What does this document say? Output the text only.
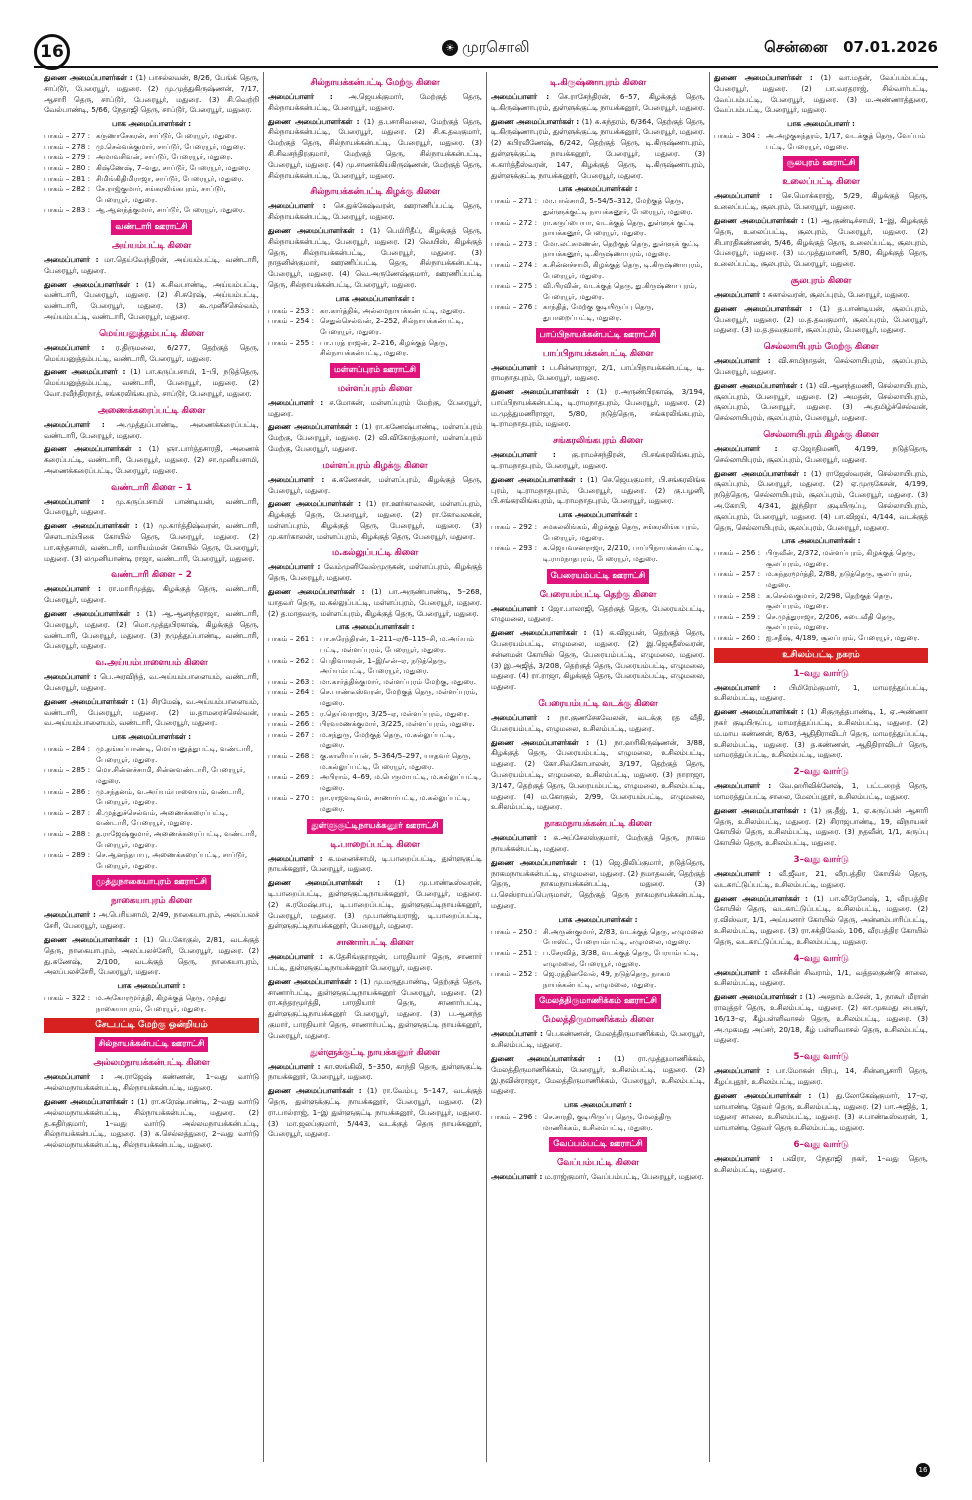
16	☀ முரசொலி	சென்னை 07.01.2026
துணை அமைப்பாளர்கள் : (1) பாசல்லவன், 8/26, பேங்க் தெரு, சாப்டூர், பேரையூர், மதுரை. (2) மு.முத்துகிருஷ்ணன், 7/17, ஆசாரி தெரு, சாப்டூர், பேரையூர், மதுரை. (3) சி.வெற்றி வேல்பாண்டி, 5/66, நேதாஜி தெரு, சாப்டூர், பேரையூர், மதுரை.
பாக அமைப்பாளர்கள் :
பாகம் – 277 : கருணாசேகரன், சாப்டூர், பேரையூர், மதுரை.
பாகம் – 278 : மு.செல்வக்குமார், சாப்டூர், பேரையூர், மதுரை.
பாகம் – 279 : அமாவசிவன், சாப்டூர், பேரையூர், மதுரை.
பாகம் – 280 : கிஷ்ணேஷ், 7–வது, சாப்டூர், பேரையூர், மதுரை.
பாகம் – 281 : சிமிங்கிதிமிராஜா, சாப்டூர், பேரையூர், மதுரை.
பாகம் – 282 : சே.ராஜ்குமார், சங்கரலிங்கபுரம், சாப்டூர், பேரையூர், மதுரை.
பாகம் – 283 : ஆ.ஆனந்த்குமார், சாப்டூர், பேரையூர், மதுரை.
வண்டாரி ஊராட்சி
அய்யம்பட்டி கிளை
அமைப்பாளர் : மா.தெய்வேந்திரன், அய்யம்பட்டி, வண்டாரி, பேரையூர், மதுரை.
துணை அமைப்பாளர்கள் : (1) க.சிவபாண்டி, அய்யம்பட்டி, வண்டாரி, பேரையூர், மதுரை. (2) சி.சுரேஷ், அய்யம்பட்டி, வண்டாரி, பேரையூர், மதுரை. (3) கூ.முனீச்செல்வம், அய்யம்பட்டி, வண்டாரி, பேரையூர், மதுரை.
மெய்யனுத்தம்பட்டி கிளை
அமைப்பாளர் : ர.திருமலை, 6/277, தெற்குத் தெரு, மெய்யனுத்தம்பட்டி, வண்டாரி, பேரையூர், மதுரை.
துணை அமைப்பாளர் : (1) பா.கருப்பசாமி, 1–பி, நடுத்தெரு, மெய்யனுத்தம்பட்டி, வண்டாரி, பேரையூர், மதுரை. (2) வோ.ரவீந்திரநாத், சங்கரலிங்கபுரம், சாப்டூர், பேரையூர், மதுரை.
அணைக்கரைப்பட்டி கிளை
அமைப்பாளர் : அ.முத்துப்பாண்டி, அணைக்கரைப்பட்டி, வண்டாரி, பேரையூர், மதுரை.
துணை அமைப்பாளர்கள் : (1) ஞா.பார்த்தசாரதி, அணைக் கரைப்பட்டி, வண்டாரி, பேரையூர், மதுரை. (2) சா.முனியசாமி, அணைக்கரைப்பட்டி, பேரையூர், மதுரை.
வண்டாரி கிளை – 1
அமைப்பாளர் : மு.கருப்பசாமி பாண்டியன், வண்டாரி, பேரையூர், மதுரை.
துணை அமைப்பாளர்கள் : (1) மு.கார்த்திஷ்வரன், வண்டாரி, சௌடாம்பிகை கோயில் தெரு, பேரையூர், மதுரை. (2) பா.கந்தசாமி, வண்டாரி, மாரியம்மன் கோயில் தெரு, பேரையூர், மதுரை. (3) லமுனியாண்டி ராஜா, வண்டாரி, பேரையூர், மதுரை.
வண்டாரி கிளை – 2
அமைப்பாளர் : ரா.மாரிமுத்து, கிழக்குத் தெரு, வண்டாரி, பேரையூர், மதுரை.
துணை அமைப்பாளர்கள் : (1) ஆ.ஆனந்தராஜா, வண்டாரி, பேரையூர், மதுரை. (2) மொ.முத்துபிரகாஷ், கிழக்குத் தெரு, வண்டாரி, பேரையூர், மதுரை. (3) நமுத்துப்பாண்டி, வண்டாரி, பேரையூர், மதுரை.
வ.அய்யம்பாளையம் கிளை
அமைப்பாளர் : பெ.அரவிந்த், வ.அய்யம்பாளையம், வண்டாரி, பேரையூர், மதுரை.
துணை அமைப்பாளர்கள் : (1) சிரமேஷ், வ.அய்யம்பாளையம், வண்டாரி, பேரையூர், மதுரை. (2) ம.தாமரைச்செல்வன், வ.அய்யம்பாளையம், வண்டாரி, பேரையூர், மதுரை.
பாக அமைப்பாளர்கள் :
பாகம் – 284 : மு.தங்கப்பாண்டி, மெய்யனுத்துபட்டி, வண்டாரி, பேரையூர், மதுரை.
பாகம் – 285 : மொ.சின்னச்சாமி, சின்னவண்டாரி, பேரையூர், மதுரை.
பாகம் – 286 : மு.சந்தனம், வ.அய்யம்பாளையம், வண்டாரி, பேரையூர், மதுரை.
பாகம் – 287 : கி.முத்துச்செல்வம், அணைக்கரைப்பட்டி, வண்டாரி, பேரையூர், மதுரை.
பாகம் – 288 : த.ராஜேஷ்குமார், அணைக்கரைப்பட்டி, வண்டாரி, பேரையூர், மதுரை.
பாகம் – 289 : செ.ஆனந்தபாபு, அணைக்கரைப்பட்டி, சாப்டூர், பேரையூர், மதுரை.
முத்துநாகையாபுரம் ஊராட்சி
நாகையாபுரம் கிளை
அமைப்பாளர் : அ.பெரியசாமி, 2/49, நாகையாபுரம், அலப்பலச் சேரி, பேரையூர், மதுரை.
துணை அமைப்பாளர்கள் : (1) பெ.கோகுல், 2/81, வடக்குத் தெரு, நாகையாபுரம், அலப்பலச்சேரி, பேரையூர், மதுரை. (2) து.கணேஷ், 2/100, வடக்குத் தெரு, நாகையாபுரம், அலப்பலச்சேரி, பேரையூர், மதுரை.
பாக அமைப்பாளர் :
பாகம் – 322 : ம.அகோரமூர்த்தி, கிழக்குத் தெரு, முத்து நாகையாபுரம், பேரையூர், மதுரை.
சேடபட்டி மேற்கு ஒன்றியம்
சில்நாயக்கன்பட்டி ஊராட்சி
அல்லமநாயக்கன்பட்டி கிளை
அமைப்பாளர் : அ.ராஜேஷ் கண்ணன், 1–வது வார்டு அல்லமநாயக்கன்பட்டி, சில்நாயக்கன்பட்டி, மதுரை.
துணை அமைப்பாளர்கள் : (1) ரா.சுரேஷ்பாண்டி, 2–வது வார்டு அல்லமநாயக்கன்பட்டி, சில்நாயக்கன்பட்டி, மதுரை. (2) த.கதிர்குமார், 1–வது வார்டு அல்லமநாயக்கன்பட்டி, சில்நாயக்கன்பட்டி, மதுரை. (3) க.செல்லத்துரை, 2–வது வார்டு அல்லமநாயக்கன்பட்டி, சில்நாயக்கன்பட்டி, மதுரை.
சில்நாயக்கன்பட்டி மேற்கு கிளை
அமைப்பாளர் : அ.ஜெயக்குமார், மேற்குத் தெரு, சில்நாயக்கன்பட்டி, பேரையூர், மதுரை.
துணை அமைப்பாளர்கள் : (1) த.பசாசிவலை, மேற்குத் தெரு, சில்நாயக்கன்பட்டி, பேரையூர், மதுரை. (2) சி.க.தவகுமார், மேற்குத் தெரு, சில்நாயக்கன்பட்டி, பேரையூர், மதுரை. (3) சி.சிவசந்திரகுமார், மேற்குத் தெரு, சில்நாயக்கன்பட்டி, பேரையூர், மதுரை. (4) மு.சாணக்கியகிருஷ்ணன், மேற்குத் தெரு, சில்நாயக்கன்பட்டி, பேரையூர், மதுரை.
சில்நாயக்கன்பட்டி கிழக்கு கிளை
அமைப்பாளர் : செ.துக்கேஷ்வரன், ஊராணிப்பட்டி தெரு, சில்நாயக்கன்பட்டி, பேரையூர், மதுரை.
துணை அமைப்பாளர்கள் : (1) பெமிரிதீப், கிழக்குத் தெரு, சில்நாயக்கன்பட்டி, பேரையூர், மதுரை. (2) வெயிஸ், கிழக்குத் தெரு, சில்நாயக்கன்பட்டி, பேரையூர், மதுரை. (3) நாதனின்குமார், ஊரணிப்பட்டி தெரு, சில்நாயக்கன்பட்டி, பேரையூர், மதுரை. (4) வெ.அருணேஷ்குமார், ஊரணிப்பட்டி தெரு, சில்நாயக்கன்பட்டி, பேரையூர், மதுரை.
பாக அமைப்பாளர்கள் :
பாகம் – 253 : கா.கார்த்திக், அல்லமநாயக்கன்பட்டி, மதுரை.
பாகம் – 254 : செதுல்செல்வன், 2–252, சில்நாயக்கன்பட்டி, பேரையூர், மதுரை.
பாகம் – 255 : பா.பரத் ராஜன், 2–216, கிழக்குத் தெரு, சில்நாயக்கன்பட்டி, மதுரை.
மள்ளப்புரம் ஊராட்சி
மள்ளப்புரம் கிளை
அமைப்பாளர் : ச.மோகன், மள்ளப்புரம் மேற்கு, பேரையூர், மதுரை.
துணை அமைப்பாளர்கள் : (1) ரா.கணேஷ்பாண்டி, மள்ளப்புரம் மேற்கு, பேரையூர், மதுரை. (2) வி.விகோத்குமார், மள்ளப்புரம் மேற்கு, பேரையூர், மதுரை.
மள்ளப்புரம் கிழக்கு கிளை
அமைப்பாளர் : க.கணேசன், மள்ளப்புரம், கிழக்குத் தெரு, பேரையூர், மதுரை.
துணை அமைப்பாளர்கள் : (1) ரா.ஊர்காவலன், மள்ளப்புரம், கிழக்குத் தெரு, பேரையூர், மதுரை. (2) ரா.கோவலகன், மள்ளப்புரம், கிழக்குத் தெரு, பேரையூர், மதுரை. (3) மு.கார்காலன், மள்ளப்புரம், கிழக்குத் தெரு, பேரையூர், மதுரை.
ம.கல்லுப்பட்டி கிளை
அமைப்பாளர் : வேம்முனிவேல்முருகன், மள்ளப்புரம், கிழக்குத் தெரு, பேரையூர், மதுரை.
துணை அமைப்பாளர்கள் : (1) பா.அருண்பாண்டி, 5–268, யாதவர் தெரு, ம.கல்லுப்பட்டி, மள்ளப்புரம், பேரையூர், மதுரை. (2) த.மாதவரு, மள்ளப்புரம், கிழக்குத் தெரு, பேரையூர், மதுரை.
பாக அமைப்பாளர்கள் :
பாகம் – 261 : பா.சுரேந்திரன், 1–211–ஏ/6–115–சி, ம.அய்யம் பட்டி, மள்ளப்புரம், பேரையூர், மதுரை.
பாகம் – 262 : பெதிவாகரன், 1–இ/என்–ஏ, நடுத்தெரு, அய்யம்பட்டி, பேரையூர், மதுரை.
பாகம் – 263 : மா.கார்த்திக்குமார், மள்ளப்புரம் மேற்கு, மதுரை.
பாகம் – 264 : செ.பாண்டீஸ்வரன், மேற்குத் தெரு, மள்ளப்புரம், மதுரை.
பாகம் – 265 : ர.தெய்வராஜா, 3/25–ஏ, மள்ளப்புரம், மதுரை.
பாகம் – 266 : பிரவமணக்குமார், 3/225, மள்ளப்புரம், மதுரை.
பாகம் – 267 : ம.சந்துரு, மேற்குத் தெரு, ம.கல்லுப்பட்டி, மதுரை.
பாகம் – 268 : கு.காளியப்பன், 5–364/5–297, யாதவர் தெரு, ம.கல்லுப்பட்டி, பேரையூர், மதுரை.
பாகம் – 269 : அபிராம், 4–69, ம.பெருமாபட்டி, ம.கல்லுப்பட்டி, மதுரை.
பாகம் – 270 : நா.ராஜவடிவம், சாணார்பட்டி, ம.கல்லுப்பட்டி, மதுரை.
துள்ளுகுட்டிநாயக்கனூர் ஊராட்சி
டி.பாறைப்பட்டி கிளை
அமைப்பாளர் : க.மனைச்சாமி, டி.பாறைப்பட்டி, துள்ளுகுட்டி நாயக்கனூர், பேரையூர், மதுரை.
துணை அமைப்பாளர்கள் : (1) மு.பாண்டீஸ்வரன், டி.பாறைப்பட்டி, துள்ளுகுட்டிநாயக்கனூர், பேரையூர், மதுரை. (2) சு.ரமேஷ்பாபு, டி.பாறைப்பட்டி, துள்ளுகுட்டிநாயக்கனூர், பேரையூர், மதுரை. (3) மு.பாண்டியராஜ், டி.பாறைப்பட்டி, துள்ளுகுட்டிநாயக்கனூர், பேரையூர், மதுரை.
சாணார்பட்டி கிளை
அமைப்பாளர் : சு.தேசிங்குராஜன், பாரதியார் தெரு, சாணார் பட்டி, துள்ளுகுட்டிநாயக்கனூர் பேரையூர், மதுரை.
துணை அமைப்பாளர்கள் : (1) மு.மருதுபாண்டி, தெற்குத் தெரு, சாணார்பட்டி, துள்ளுகுட்டிநாயக்கனூர் பேரையூர், மதுரை. (2) ரா.சுந்தரமூர்த்தி, பாரதியார் தெரு, சாணார்பட்டி, துள்ளுகுட்டிநாயக்கனூர் பேரையூர், மதுரை. (3) ப.ஆனந்த குமார், பாரதியார் தெரு, சாணார்பட்டி, துள்ளுகுட்டி நாயக்கனூர், பேரையூர், மதுரை.
துள்ளுக்குட்டி நாயக்கனூர் கிளை
அமைப்பாளர் : கா.ஸங்கிலி, 5–350, காந்தி தெரு, துள்ளுகுட்டி நாயக்கனூர், பேரையூர், மதுரை.
துணை அமைப்பாளர்கள் : (1) ரா.வேம்பு, 5–147, வடக்குத் தெரு, துள்ளுக்குட்டி நாயக்கனூர், பேரையூர், மதுரை. (2) ரா.பால்ராஜ், 1–இ துள்ளுகுட்டி நாயக்கனூர், பேரையூர், மதுரை. (3) மா.ஜலப்குமார், 5/443, வடக்குத் தெரு நாயக்கனூர், பேரையூர், மதுரை.
டி.கிருஷ்ணாபுரம் கிளை
அமைப்பாளர் : செ.ராசேந்திரன், 6–57, கிழக்குத் தெரு, டி.கிருஷ்ணாபுரம், துள்ளுக்குட்டி நாயக்கனூர், பேரையூர், மதுரை.
துணை அமைப்பாளர்கள் : (1) சு.கந்தரம், 6/364, தெற்குத் தெரு, டி.கிருஷ்ணாபுரம், துள்ளுக்குட்டி நாயக்கனூர், பேரையூர், மதுரை. (2) கபிரவீணேஷ், 6/242, தெற்குத் தெரு, டி.கிருஷ்ணாபுரம், துள்ளுக்குட்டி நாயக்கனூர், பேரையூர், மதுரை. (3) சு.கார்த்தீஸ்வரன், 147, கிழக்குத் தெரு, டி.கிருஷ்ணாபுரம், துள்ளுக்குட்டி நாயக்கனூர், பேரையூர், மதுரை.
பாக அமைப்பாளர்கள் :
பாகம் – 271 : மா.பால்சாமி, 5–54/5–312, மேற்குத் தெரு, துள்ளுக்குட்டி நாயக்கனூர், பேரையூர், மதுரை.
பாகம் – 272 : ரா.கருப்பையா, வடக்குத் தெரு, துள்ளுக் குட்டி நாயக்கனூர், பேரையூர், மதுரை.
பாகம் – 273 : மோ.லட்சுமணன், தெற்குத் தெரு, துள்ளுக் குட்டி நாயக்கனூர், டி.கிருஷ்ணாபுரம், மதுரை.
பாகம் – 274 : க.சின்னச்சாமி, கிழக்குத் தெரு, டி.கிருஷ்ணாபுரம், பேரையூர், மதுரை.
பாகம் – 275 : வி.பிரவின், வடக்குத் தெரு, து.கிருஷ்ணா புரம், பேரையூர், மதுரை.
பாகம் – 276 : காந்தித், மேற்கு குடியிருப்பு தெரு, துபாறைப்பட்டி, மதுரை.
பாப்பிநாயக்கன்பட்டி ஊராட்சி
பாப்பிநாயக்கன்பட்டி கிளை
அமைப்பாளர் : ப.சின்னராஜா, 2/1, பாப்பிநாயக்கன்பட்டி, டி. ராமநாதபுரம், பேரையூர், மதுரை.
துணை அமைப்பாளர்கள் : (1) ர.அருண்பிரகாஷ், 3/194, பாப்பிநாயக்கன்பட்டி, டி.ராமநாதபுரம், பேரையூர், மதுரை. (2) ம.முத்துமணிராஜா, 5/80, நடுத்தெரு, சங்கரலிங்கபுரம், டி.ராமநாதபுரம், மதுரை.
சங்கரலிங்கபுரம் கிளை
அமைப்பாளர் : கு.ராமச்சந்திரன், பி.சங்கரலிங்கபுரம், டி.ராமநாதபுரம், பேரையூர், மதுரை.
துணை அமைப்பாளர்கள் : (1) செ.ஜெயகுமார், பி.சங்கரலிங்க புரம், டி.ராமநாதபுரம், பேரையூர், மதுரை. (2) கு.பழனி, பி.சங்கரலிங்கபுரம், டி.ராமநாதபுரம், பேரையூர், மதுரை.
பாக அமைப்பாளர்கள் :
பாகம் – 292 : சமகலலிங்கம், கிழக்குத் தெரு, சங்கரலிங்க புரம், பேரையூர், மதுரை.
பாகம் – 293 : க.ஜெயவசனராஜா, 2/210, பாப்பிநாயக்கன்பட்டி, டி.ராமநாதபுரம், பேரையூர், மதுரை.
பேரையம்பட்டி ஊராட்சி
பேரையம்பட்டி தெற்கு கிளை
அமைப்பாளர் : ஜோ.பாலாஜி, தெற்குத் தெரு, பேரையம்பட்டி, எழுமலை, மதுரை.
துணை அமைப்பாளர்கள் : (1) க.விஜயன், தெற்குத் தெரு, பேரையம்பட்டி, எழுமலை, மதுரை. (2) இ.ஜெகதீஸ்வரன், சன்னமன் கோயில் தெரு, பேரையம்பட்டி, எழுமலை, மதுரை. (3) இ.அஜித், 3/208, தெற்குத் தெரு, பேரையம்பட்டி, எழுமலை, மதுரை. (4) ரா.ராஜா, கிழக்குத் தெரு, பேரையம்பட்டி, எழுமலை, மதுரை.
பேரையம்பட்டி வடக்கு கிளை
அமைப்பாளர் : நா.குணசேகவேலன், வடக்கு ரத வீதி, பேரையம்பட்டி, எழுமலை, உசிலம்பட்டி, மதுரை.
துணை அமைப்பாளர்கள் : (1) நா.ஹரிகிருஷ்ணன், 3/88, கிழக்குத் தெரு, பேரையம்பட்டி, எழுமலை, உசிலம்பட்டி, மதுரை. (2) கோ.சிவகோபாலன், 3/197, தெற்குத் தெரு, பேரையம்பட்டி, எழுமலை, உசிலம்பட்டி, மதுரை. (3) நாராஜா, 3/147, தெற்குத் தெரு, பேரையம்பட்டி, எழுமலை, உசிலம்பட்டி, மதுரை. (4) ம.கோகுல், 2/99, பேரையம்பட்டி, எழுமலை, உசிலம்பட்டி, மதுரை.
நாகமநாயக்கன்பட்டி கிளை
அமைப்பாளர் : சு.அப்சேலஸ்குமார், மேற்குத் தெரு, நாகம நாயக்கன்பட்டி, மதுரை.
துணை அமைப்பாளர்கள் : (1) ஜெ.திலிப்குமார், நடுத்தெரு, நாகமநாயக்கன்பட்டி, எழுமலை, மதுரை. (2) நமாதவன், தெற்குத் தெரு, நாகமநாயக்கன்பட்டி, மதுரை. (3) ப.செஸ்ராயப்பெருமாள், தெற்குத் தெரு நாகமநாயக்கன்பட்டி, மதுரை.
பாக அமைப்பாளர்கள் :
பாகம் – 250 : சி.அருண்குமார், 2/83, வடக்குத் தெரு, எழுமலை போஸ்ட், பேரையம்பட்டி, எழுமலை, மதுரை.
பாகம் – 251 : ப.சேரவித், 3/38, வடக்குத் தெரு, பேரயம்பட்டி, எழுமலை, பேரையூர், மதுரை.
பாகம் – 252 : ஜெ.ரத்தினவேல், 49, நடுத்தெரு, நாகம நாயக்கன்பட்டி, எழுமலை, மதுரை.
மேலத்திருமாணிக்கம் ஊராட்சி
மேலத்திருமாணிக்கம் கிளை
அமைப்பாளர் : பெ.கண்ணன், மேலத்திருமாணிக்கம், பேரையூர், உசிலம்பட்டி, மதுரை.
துணை அமைப்பாளர்கள் : (1) ரா.முத்துமாணிக்கம், மேலத்திருமாணிக்கம், பேரையூர், உசிலம்பட்டி, மதுரை. (2) இ.நவின்ராஜா, மேலத்திருமாணிக்கம், பேரையூர், உசிலம்பட்டி, மதுரை.
பாக அமைப்பாளர் :
பாகம் – 296 : செ.சாரதி, குடியிருப்பு தெரு, மேலத்திரு மாணிக்கம், உசிலம்பட்டி, மதுரை.
வேப்பம்பட்டி ஊராட்சி
வேப்பம்பட்டி கிளை
அமைப்பாளர் : ம.ராஜ்குமார், வேப்பம்பட்டி, பேரையூர், மதுரை.
துணை அமைப்பாளர்கள் : (1) வா.மதன், வேப்பம்பட்டி, பேரையூர், மதுரை. (2) பா.வரதராஜ், சில்வார்பட்டி, வேப்பம்பட்டி, பேரையூர், மதுரை. (3) ம.அண்ணாத்துரை, வேப்பம்பட்டி, பேரையூர், மதுரை.
பாக அமைப்பாளர் :
பாகம் – 304 : அ.அழகுசுந்தரம், 1/17, வடக்குத் தெரு, வேப்பம் பட்டி, பேரையூர், மதுரை.
சூலபுரம் ஊராட்சி
உலைப்பட்டி கிளை
அமைப்பாளர் : செ.மொக்கராஜ், 5/29, கிழக்குத் தெரு, உலைப்பட்டி, சூலபுரம், பேரையூர், மதுரை.
துணை அமைப்பாளர்கள் : (1) ஆ.குண்டிச்சாமி, 1–இ, கிழக்குத் தெரு, உலைப்பட்டி, சூலபுரம், பேரையூர், மதுரை. (2) சிபாரதிகண்ணன், 5/46, கிழக்குத் தெரு, உலைப்பட்டி, சூலபுரம், பேரையூர், மதுரை. (3) ம.முத்துமாணி, 5/80, கிழக்குத் தெரு, உலைப்பட்டி, சூலபுரம், பேரையூர், மதுரை.
சூலபுரம் கிளை
அமைப்பாளர் : சுகால்வரன், சூலப்புரம், பேரையூர், மதுரை.
துணை அமைப்பாளர்கள் : (1) த.பாண்டியன், சூலப்புரம், பேரையூர், மதுரை. (2) ம.த.தவகுமார், சூலப்புரம், பேரையூர், மதுரை. (3) ம.த.தவகுமார், சூலப்புரம், பேரையூர், மதுரை.
செல்லாயிபுரம் மேற்கு கிளை
அமைப்பாளர் : வி.சாமிநாதன், செல்லாயிபுரம், சூலப்புரம், பேரையூர், மதுரை.
துணை அமைப்பாளர்கள் : (1) வி.ஆனந்தமணி, செல்லாயிபுரம், சூலப்புரம், பேரையூர், மதுரை. (2) அமதன், செல்லாயிபுரம், சூலப்புரம், பேரையூர், மதுரை. (3) அ.தமிழ்ச்செல்வன், செல்லாயிபுரம், சூலப்புரம், பேரையூர், மதுரை.
செல்லாயிபுரம் கிழக்கு கிளை
அமைப்பாளர் : ஏ.ஜோதிமணி, 4/199, நடுத்தெரு, செல்லாயிபுரம், சூலப்புரம், பேரையூர், மதுரை.
துணை அமைப்பாளர்கள் : (1) ராஜேஸ்வரன், செல்லாயிபுரம், சூலப்புரம், பேரையூர், மதுரை. (2) ஏ.முருகேசன், 4/199, நடுத்தெரு, செல்லாயிபுரம், சூலப்புரம், பேரையூர், மதுரை. (3) அ.கோபி, 4/341, இந்திரா குடியிருப்பு, செல்லாயிபுரம், சூலப்புரம், பேரையூர், மதுரை. (4) பா.விஜய், 4/144, வடக்குத் தெரு, செல்லாயிபுரம், சூலப்புரம், பேரையூர், மதுரை.
பாக அமைப்பாளர்கள் :
பாகம் – 256 : பிருவீன், 2/372, மள்ளப்புரம், கிழக்குத் தெரு, சூலப்புரம், மதுரை.
பாகம் – 257 : ம.சுந்தரமூர்த்தி, 2/88, நடுத்தெரு, சூலப்புரம், மதுரை.
பாகம் – 258 : க.செல்வகுமார், 2/298, தெற்குத் தெரு, சூலப்புரம், மதுரை.
பாகம் – 259 : செ.முத்துராஜா, 2/206, கடைவீதி தெரு, சூலப்புரம், மதுரை.
பாகம் – 260 : ஐ.சதீஷ், 4/189, சூலப்புரம், பேரையூர், மதுரை.
உசிலம்பட்டி நகரம்
1–வது வார்டு
அமைப்பாளர் : பிமிரேம்குமார், 1, மாமரத்துப்பட்டி, உசிலம்பட்டி, மதுரை.
துணை அமைப்பாளர்கள் : (1) சிகுருத்தபாண்டி, 1, ஏ.அண்ணா நகர் குடியிருப்பு, மாமரத்துப்பட்டி, உசிலம்பட்டி, மதுரை. (2) ம.மாய கண்ணன், 8/63, ஆதிதிராவிடர் தெரு, மாமரத்துப்பட்டி, உசிலம்பட்டி, மதுரை. (3) த.கண்ணன், ஆதிதிராவிடர் தெரு, மாமரத்துப்பட்டி, உசிலம்பட்டி, மதுரை.
2–வது வார்டு
அமைப்பாளர் : வே.ஹரிவிக்னேஷ், 1, பட்டறைத் தெரு, மாமரத்துப்பட்டி சாலை, மேலப்புதூர், உசிலம்பட்டி, மதுரை.
துணை அமைப்பாளர்கள் : (1) கு.தீஜ், 1, ஏ.கருப்பன் ஆசாரி தெரு, உசிலம்பட்டி, மதுரை. (2) சிராஜபாண்டி, 19, விநாயகர் கோயில் தெரு, உசிலம்பட்டி, மதுரை. (3) நதவீன், 1/1, கருப்பு கோயில் தெரு, உசிலம்பட்டி, மதுரை.
3–வது வார்டு
அமைப்பாளர் : வீ.ஜீவா, 21, வீரபத்திர கோயில் தெரு, வடகாட்டுப்பட்டி, உசிலம்பட்டி, மதுரை.
துணை அமைப்பாளர்கள் : (1) பா.வீரேனேஷ், 1, வீரபத்திர கோயில் தெரு, வடகாட்டுப்பட்டி, உசிலம்பட்டி, மதுரை. (2) ர.விஸ்வா, 1/1, அய்யனார் கோயில் தெரு, அன்னம்பாரிப்பட்டி, உசிலம்பட்டி, மதுரை. (3) ரா.சக்திவேல், 106, வீரபத்திர கோயில் தெரு, வடகாட்டுப்பட்டி, உசிலம்பட்டி, மதுரை.
4–வது வார்டு
அமைப்பாளர் : வீசச்சின் சிவராம், 1/1, வத்தலகுண்டு சாலை, உசிலம்பட்டி, மதுரை.
துணை அமைப்பாளர்கள் : (1) அசதாம் உசேன், 1, நாகூர் மீரான் ராவுத்தர் தெரு, உசிலம்பட்டி, மதுரை. (2) கா.முகமது பைசூர், 16/13–ஏ, கீழ்பள்ளிவாசல் தெரு, உசிலம்பட்டி, மதுரை. (3) அ.முகமது அப்சர், 20/18, கீழ் பள்ளிவாசல் தெரு, உசிலம்பட்டி, மதுரை.
5–வது வார்டு
அமைப்பாளர் : பா.மோகன் பிரபு, 14, சின்னபூசாரி தெரு, கீழப்புதூர், உசிலம்பட்டி, மதுரை.
துணை அமைப்பாளர்கள் : (1) து.லோகேஷ்குமார், 17–ஏ, மாயாண்டி தேவர் தெரு, உசிலம்பட்டி, மதுரை. (2) பா.அஜித், 1, மதுரை சாலை, உசிலம்பட்டி, மதுரை. (3) ச.பாண்டீஸ்வரன், 1, மாயாண்டி தேவர் தெரு உசிலம்பட்டி, மதுரை.
6–வது வார்டு
அமைப்பாளர் : பவிரா, நேதாஜி நகர், 1–வது தெரு, உசிலம்பட்டி, மதுரை.
16
